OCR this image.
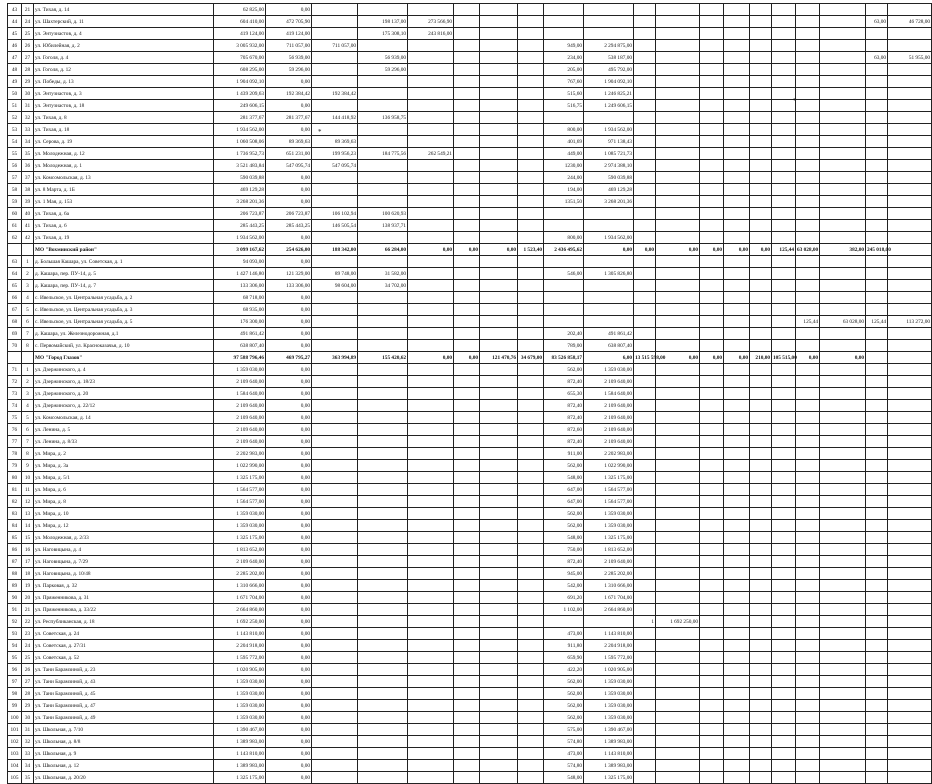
43	21	ул. Тихая, д. 14	62 825,00	0,00																		
44	24	ул. Шахтерский, д. 11	604 410,00	472 705,90		198 137,00	273 566,90														63,00	46 728,00
45	25	ул. Энтузиастов, д. 4	419 124,00	419 124,00		175 308,10	243 816,00															
46	26	ул. Юбилейная, д. 2	3 005 932,00	711 057,00	711 057,00						949,00	2 294 875,00										
47	27	ул. Гоголя, д. 4	705 670,00	56 939,00		56 939,00					234,00	538 187,00									63,00	51 955,00
48	28	ул. Гоголя, д. 12	608 295,00	59 296,00		59 296,00					205,00	495 792,00										
49	29	ул. Победы, д. 13	1 904 092,10	0,00							767,60	1 904 092,10										
50	30	ул. Энтузиастов, д. 3	1 439 209,63	192 384,42	192 384,42						515,60	1 246 825,21										
51	31	ул. Энтузиастов, д. 18	249 606,15	0,00							516,75	1 249 606,15										
52	32	ул. Тихая, д. 8	281 377,67	281 377,67	144 418,92	136 958,75																
53	33	ул. Тихая, д. 18	1 934 562,00	0,00							800,00	1 934 562,00										
54	34	ул. Серова, д. 19	1 060 508,06	89 369,63	89 369,63						401,69	971 138,43										
55	35	ул. Молодежная, д. 12	1 736 952,73	651 231,00	199 956,23	184 775,56	262 549,21				449,00	1 085 721,73										
56	36	ул. Молодежная, д. 1	3 521 483,84	547 095,74	547 095,74						1230,00	2 974 388,10										
57	37	ул. Комсомольская, д. 13	590 039,88	0,00							244,00	590 039,88										
58	38	ул. 8 Марта, д. 1Б	469 129,28	0,00							194,00	469 129,28										
59	39	ул. 1 Мая, д. 153	3 268 201,36	0,00							1351,50	3 268 201,36										
60	40	ул. Тихая, д. 6а	206 723,87	206 723,87	106 102,94	100 620,93																
61	41	ул. Тихая, д. 6	285 443,25	285 443,25	146 505,54	138 937,71																
62	42	ул. Тихая, д. 19	1 934 562,00	0,00							800,00	1 934 562,00										
		МО "Вохминский район"	3 099 167,62	254 626,00	188 342,00	66 284,00	0,00	0,00	0,00	1 523,40	2 436 495,62	0,00	0,00	0,00	0,00	0,00	0,00	125,44	63 028,00	382,00	245 018,00	
63	1	д. Большая Кашара, ул. Советская, д. 1	94 093,00	0,00																		
64	2	д. Кашара, пер. ПУ-14, д. 5	1 427 146,80	121 329,00	89 748,00	31 582,00					546,00	1 305 826,80										
65	3	д. Кашара, пер. ПУ-14, д. 7	133 306,00	133 306,00	98 604,00	34 702,00																
66	4	с. Ивельское, ул. Центральная усадьба, д. 2	68 718,00	0,00																		
67	5	с. Ивельское, ул. Центральная усадьба, д. 3	68 935,00	0,00																		
68	6	с. Ивельское, ул. Центральная усадьба, д. 5	176 300,00	0,00															125,44	63 028,00	125,44	113 272,00
69	7	д. Кашара, ул. Железнодорожная, д.1	491 861,42	0,00							202,40	491 861,42										
70	8	с. Первомайский, ул. Красноказачья, д. 10	638 807,40	0,00							789,00	638 807,40										
		МО "Город Глазов"	97 588 796,46	469 795,27	363 994,89	155 420,62	0,00	0,00	121 470,76	34 679,00	83 526 858,17	6,00	13 515 598,00	0,00	0,00	0,00	210,00	105 515,00	0,00	0,00		
71	1	ул. Дзержинского, д. 4	1 359 030,00	0,00							562,00	1 359 030,00										
72	2	ул. Дзержинского, д. 18/23	2 109 640,00	0,00							872,40	2 109 640,00										
73	3	ул. Дзержинского, д. 20	1 584 640,00	0,00							655,30	1 584 640,00										
74	4	ул. Дзержинского, д. 22/12	2 109 640,00	0,00							872,40	2 109 640,00										
75	5	ул. Комсомольская, д. 14	2 109 640,00	0,00							872,40	2 109 640,00										
76	6	ул. Ленина, д. 5	2 109 640,00	0,00							872,60	2 109 640,00										
77	7	ул. Ленина, д. 8/33	2 109 640,00	0,00							872,40	2 109 640,00										
78	8	ул. Мира, д. 2	2 202 983,00	0,00							911,00	2 202 983,00										
79	9	ул. Мира, д. 3а	1 022 990,00	0,00							562,00	1 022 990,00										
80	10	ул. Мира, д. 5/1	1 325 175,00	0,00							548,00	1 325 175,00										
81	11	ул. Мира, д. 6	1 564 577,00	0,00							647,00	1 564 577,00										
82	12	ул. Мира, д. 8	1 564 577,00	0,00							647,00	1 564 577,00										
83	13	ул. Мира, д. 10	1 359 030,00	0,00							562,00	1 359 030,00										
84	14	ул. Мира, д. 12	1 359 030,00	0,00							562,00	1 359 030,00										
85	15	ул. Молодежная, д. 2/33	1 325 175,00	0,00							548,00	1 325 175,00										
86	16	ул. Наговицына, д. 4	1 813 652,00	0,00							750,00	1 813 652,00										
87	17	ул. Наговицына, д. 7/29	2 109 640,00	0,00							872,40	2 109 640,00										
88	18	ул. Наговицына, д. 10/48	2 285 202,00	0,00							945,00	2 285 202,00										
89	19	ул. Парковая, д. 32	1 310 666,00	0,00							542,00	1 310 666,00										
90	20	ул. Пряженникова, д. 31	1 671 704,00	0,00							691,20	1 671 704,00										
91	21	ул. Пряженникова, д. 33/22	2 664 860,00	0,00							1 102,00	2 664 860,00										
92	22	ул. Республиканская, д. 18	1 692 250,00	0,00									1	1 692 250,00								
93	23	ул. Советская, д. 24	1 143 810,00	0,00							473,00	1 143 810,00										
94	24	ул. Советская, д. 27/31	2 204 918,00	0,00							911,80	2 204 918,00										
95	25	ул. Советская, д. 52	1 595 772,00	0,00							659,90	1 595 772,00										
96	26	ул. Тани Барамзиной, д. 23	1 020 905,00	0,00							422,20	1 020 905,00										
97	27	ул. Тани Барамзиной, д. 43	1 359 030,00	0,00							562,00	1 359 030,00										
98	28	ул. Тани Барамзиной, д. 45	1 359 030,00	0,00							562,00	1 359 030,00										
99	29	ул. Тани Барамзиной, д. 47	1 359 030,00	0,00							562,00	1 359 030,00										
100	30	ул. Тани Барамзиной, д. 49	1 359 030,00	0,00							562,00	1 359 030,00										
101	31	ул. Школьная, д. 7/10	1 390 467,00	0,00							575,00	1 390 467,00										
102	32	ул. Школьная, д. 8/8	1 389 983,00	0,00							574,80	1 389 983,00										
103	33	ул. Школьная, д. 9	1 143 810,00	0,00							473,00	1 143 810,00										
104	34	ул. Школьная, д. 12	1 389 983,00	0,00							574,80	1 389 983,00										
105	35	ул. Школьная, д. 20/20	1 325 175,00	0,00							548,00	1 325 175,00										
*
*
